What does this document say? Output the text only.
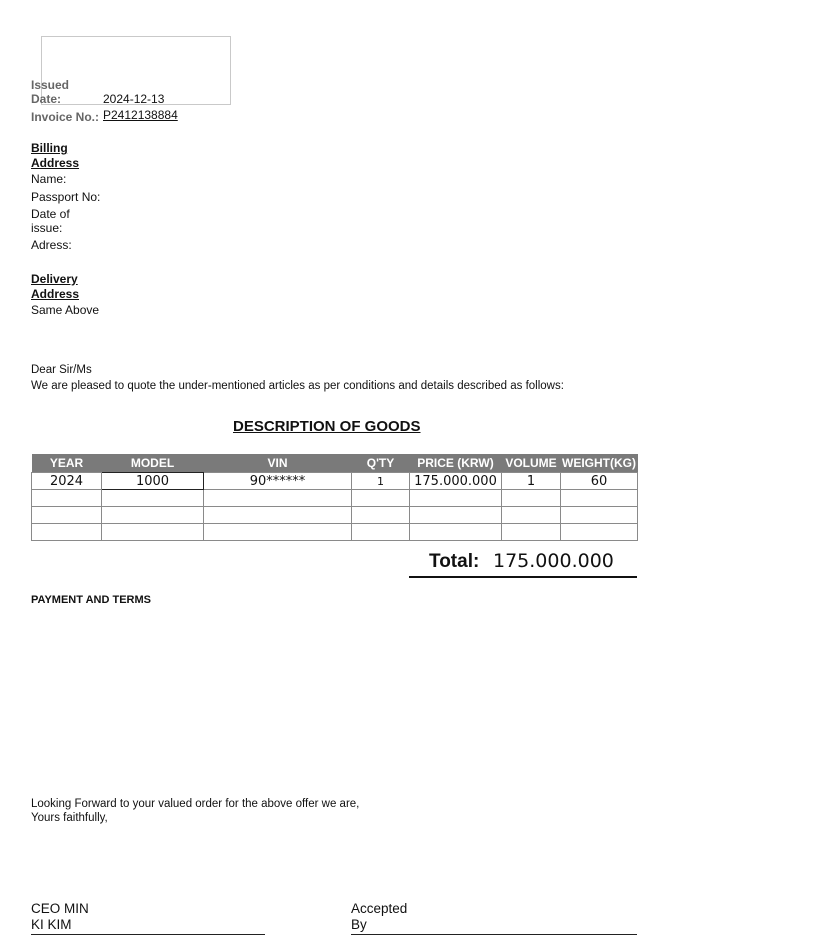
Issued
Date:	2024-12-13
Invoice No.: P2412138884
Billing
Address
Name:
Passport No:
Date of
issue:
Adress:
Delivery
Address
Same Above
Dear Sir/Ms
We are pleased to quote the under-mentioned articles as per conditions and details described as follows:
DESCRIPTION OF GOODS
YEAR	MODEL	VIN	Q'TY	PRICE (KRW)	VOLUME	WEIGHT(KG)
2024	1000	90******	1	175.000.000	1	60

Total: 175.000.000
PAYMENT AND TERMS
Looking Forward to your valued order for the above offer we are,
Yours faithfully,
CEO MIN
KI KIM
Accepted
By
